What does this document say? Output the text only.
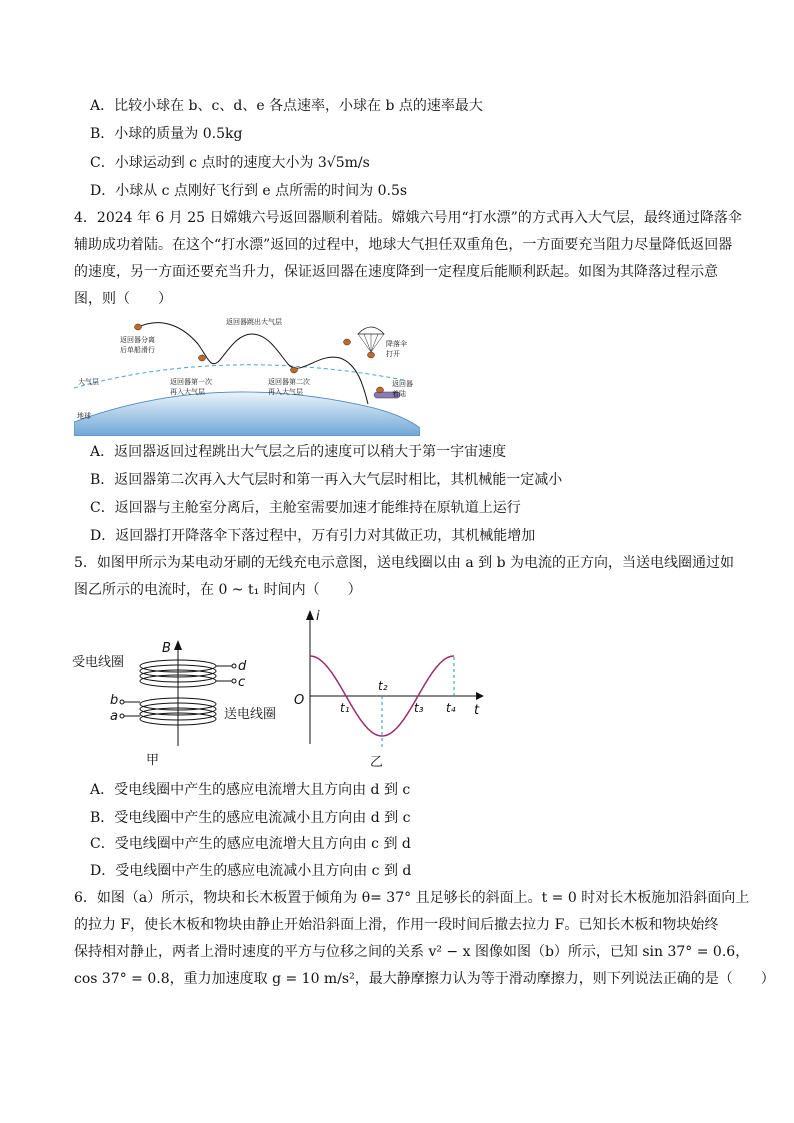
A．比较小球在 b、c、d、e 各点速率，小球在 b 点的速率最大
B．小球的质量为 0.5kg
C．小球运动到 c 点时的速度大小为 3√5m/s
D．小球从 c 点刚好飞行到 e 点所需的时间为 0.5s
4．2024 年 6 月 25 日嫦娥六号返回器顺利着陆。嫦娥六号用“打水漂”的方式再入大气层，最终通过降落伞
辅助成功着陆。在这个“打水漂”返回的过程中，地球大气担任双重角色，一方面要充当阻力尽量降低返回器
的速度，另一方面还要充当升力，保证返回器在速度降到一定程度后能顺利跃起。如图为其降落过程示意
图，则（　　）
地球
大气层
返回器分离后单船滑行
返回器跳出大气层
返回器第一次再入大气层
返回器第二次再入大气层
降落伞打开
返回器着陆
A．返回器返回过程跳出大气层之后的速度可以稍大于第一宇宙速度
B．返回器第二次再入大气层时和第一再入大气层时相比，其机械能一定减小
C．返回器与主舱室分离后，主舱室需要加速才能维持在原轨道上运行
D．返回器打开降落伞下落过程中，万有引力对其做正功，其机械能增加
5．如图甲所示为某电动牙刷的无线充电示意图，送电线圈以由 a 到 b 为电流的正方向，当送电线圈通过如
图乙所示的电流时，在 0 ~ t₁ 时间内（　　）
B
d
c
受电线圈
b
a	送电线圈
甲
i
t
O	t₁
t₂
t₃ t₄
乙
A．受电线圈中产生的感应电流增大且方向由 d 到 c
B．受电线圈中产生的感应电流减小且方向由 d 到 c
C．受电线圈中产生的感应电流增大且方向由 c 到 d
D．受电线圈中产生的感应电流减小且方向由 c 到 d
6．如图（a）所示，物块和长木板置于倾角为 θ= 37° 且足够长的斜面上。t = 0 时对长木板施加沿斜面向上
的拉力 F，使长木板和物块由静止开始沿斜面上滑，作用一段时间后撤去拉力 F。已知长木板和物块始终
保持相对静止，两者上滑时速度的平方与位移之间的关系 v² − x 图像如图（b）所示，已知 sin 37° = 0.6，
cos 37° = 0.8，重力加速度取 g = 10 m/s²，最大静摩擦力认为等于滑动摩擦力，则下列说法正确的是（　　）
